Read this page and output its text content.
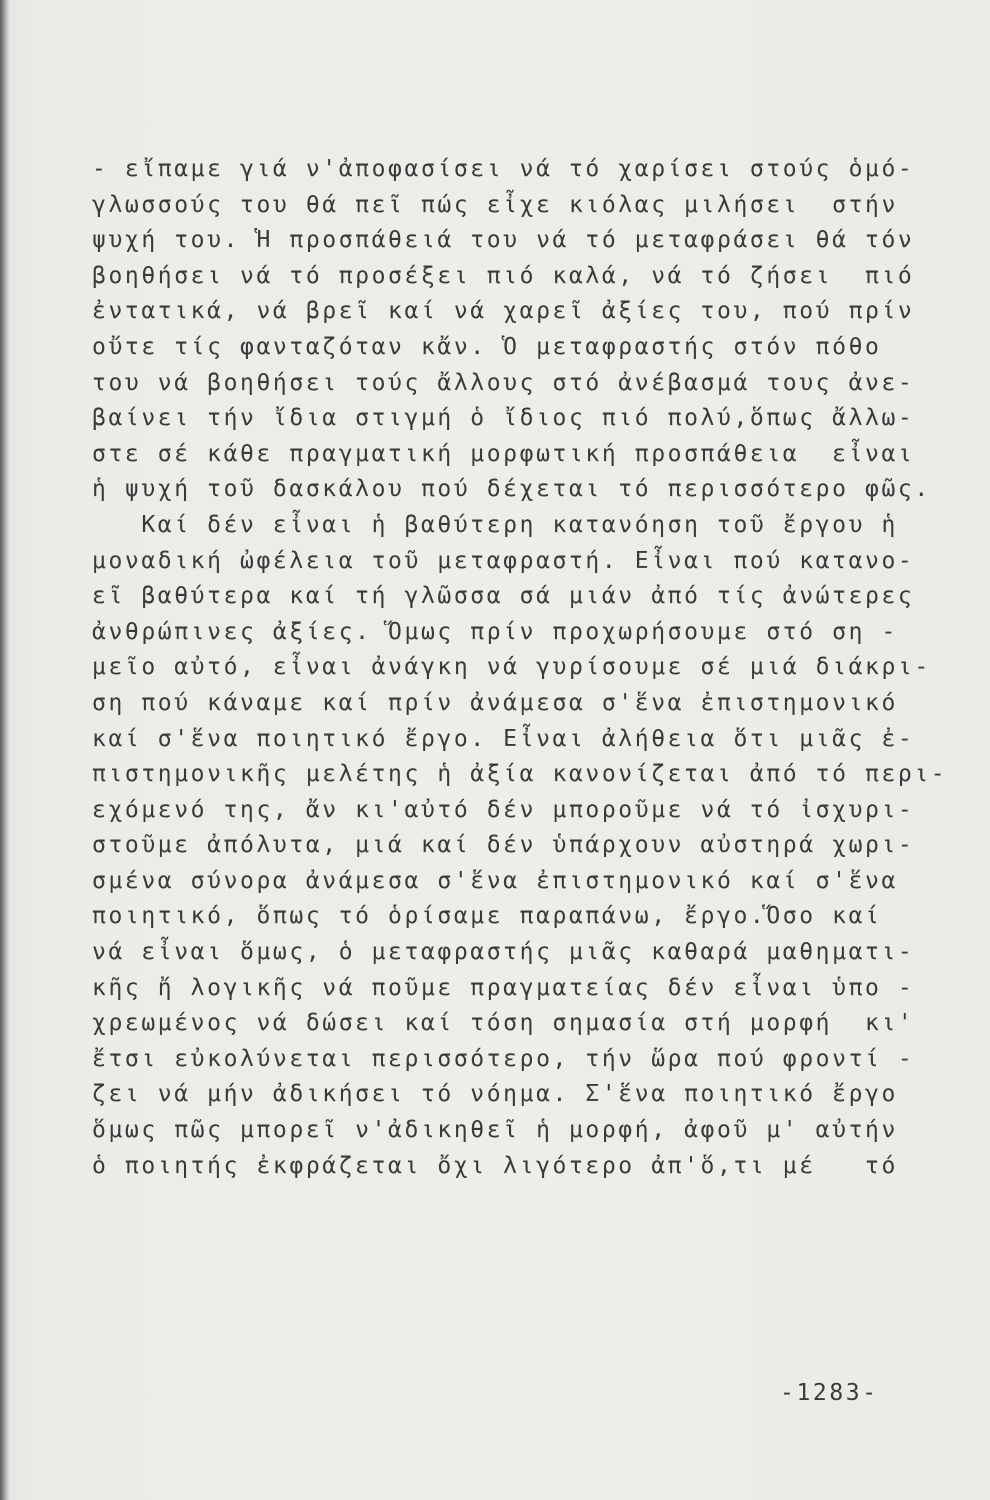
- εἴπαμε γιά ν'ἀποφασίσει νά τό χαρίσει στούς ὁμό-
γλωσσούς του θά πεῖ πώς εἶχε κιόλας μιλήσει  στήν
ψυχή του. Ἡ προσπάθειά του νά τό μεταφράσει θά τόν
βοηθήσει νά τό προσέξει πιό καλά, νά τό ζήσει  πιό
ἐντατικά, νά βρεῖ καί νά χαρεῖ ἀξίες του, πού πρίν
οὔτε τίς φανταζόταν κἄν. Ὁ μεταφραστής στόν πόθο
του νά βοηθήσει τούς ἄλλους στό ἀνέβασμά τους ἀνε-
βαίνει τήν ἴδια στιγμή ὁ ἴδιος πιό πολύ,ὅπως ἄλλω-
στε σέ κάθε πραγματική μορφωτική προσπάθεια  εἶναι
ἡ ψυχή τοῦ δασκάλου πού δέχεται τό περισσότερο φῶς.
Καί δέν εἶναι ἡ βαθύτερη κατανόηση τοῦ ἔργου ἡ
μοναδική ὠφέλεια τοῦ μεταφραστή. Εἶναι πού κατανο-
εῖ βαθύτερα καί τή γλῶσσα σά μιάν ἀπό τίς ἀνώτερες
ἀνθρώπινες ἀξίες. Ὅμως πρίν προχωρήσουμε στό ση -
μεῖο αὐτό, εἶναι ἀνάγκη νά γυρίσουμε σέ μιά διάκρι-
ση πού κάναμε καί πρίν ἀνάμεσα σ'ἕνα ἐπιστημονικό
καί σ'ἕνα ποιητικό ἔργο. Εἶναι ἀλήθεια ὅτι μιᾶς ἐ-
πιστημονικῆς μελέτης ἡ ἀξία κανονίζεται ἀπό τό περι-
εχόμενό της, ἄν κι'αὐτό δέν μποροῦμε νά τό ἰσχυρι-
στοῦμε ἀπόλυτα, μιά καί δέν ὑπάρχουν αὐστηρά χωρι-
σμένα σύνορα ἀνάμεσα σ'ἕνα ἐπιστημονικό καί σ'ἕνα
ποιητικό, ὅπως τό ὁρίσαμε παραπάνω, ἔργο.Ὅσο καί
νά εἶναι ὅμως, ὁ μεταφραστής μιᾶς καθαρά μαθηματι-
κῆς ἤ λογικῆς νά ποῦμε πραγματείας δέν εἶναι ὑπο -
χρεωμένος νά δώσει καί τόση σημασία στή μορφή  κι'
ἔτσι εὐκολύνεται περισσότερο, τήν ὥρα πού φροντί -
ζει νά μήν ἀδικήσει τό νόημα. Σ'ἕνα ποιητικό ἔργο
ὅμως πῶς μπορεῖ ν'ἀδικηθεῖ ἡ μορφή, ἀφοῦ μ' αὐτήν
ὁ ποιητής ἐκφράζεται ὄχι λιγότερο ἀπ'ὅ,τι μέ   τό
-1283-
